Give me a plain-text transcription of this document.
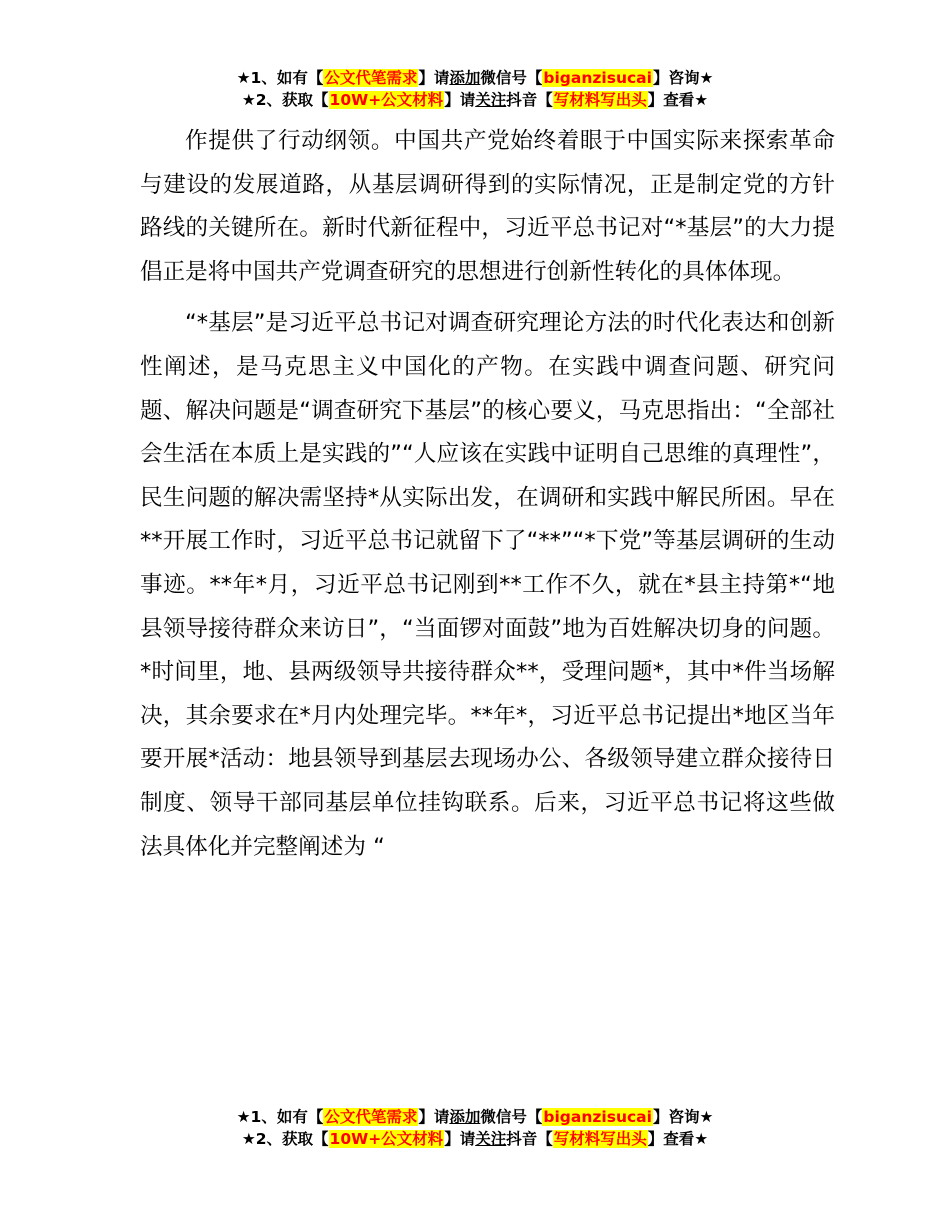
★1、如有【公文代笔需求】请添加微信号【biganzisucai】咨询★
★2、获取【10W+公文材料】请关注抖音【写材料写出头】查看★

作提供了行动纲领。中国共产党始终着眼于中国实际来探索革命与建设的发展道路，从基层调研得到的实际情况，正是制定党的方针路线的关键所在。新时代新征程中，习近平总书记对“*基层”的大力提倡正是将中国共产党调查研究的思想进行创新性转化的具体体现。

“*基层”是习近平总书记对调查研究理论方法的时代化表达和创新性阐述，是马克思主义中国化的产物。在实践中调查问题、研究问题、解决问题是“调查研究下基层”的核心要义，马克思指出：“全部社会生活在本质上是实践的”“人应该在实践中证明自己思维的真理性”，民生问题的解决需坚持*从实际出发，在调研和实践中解民所困。早在**开展工作时，习近平总书记就留下了“**”“*下党”等基层调研的生动事迹。**年*月，习近平总书记刚到**工作不久，就在*县主持第*“地县领导接待群众来访日”，“当面锣对面鼓”地为百姓解决切身的问题。*时间里，地、县两级领导共接待群众**，受理问题*，其中*件当场解决，其余要求在*月内处理完毕。**年*，习近平总书记提出*地区当年要开展*活动：地县领导到基层去现场办公、各级领导建立群众接待日制度、领导干部同基层单位挂钩联系。后来，习近平总书记将这些做法具体化并完整阐述为 “

★1、如有【公文代笔需求】请添加微信号【biganzisucai】咨询★
★2、获取【10W+公文材料】请关注抖音【写材料写出头】查看★
